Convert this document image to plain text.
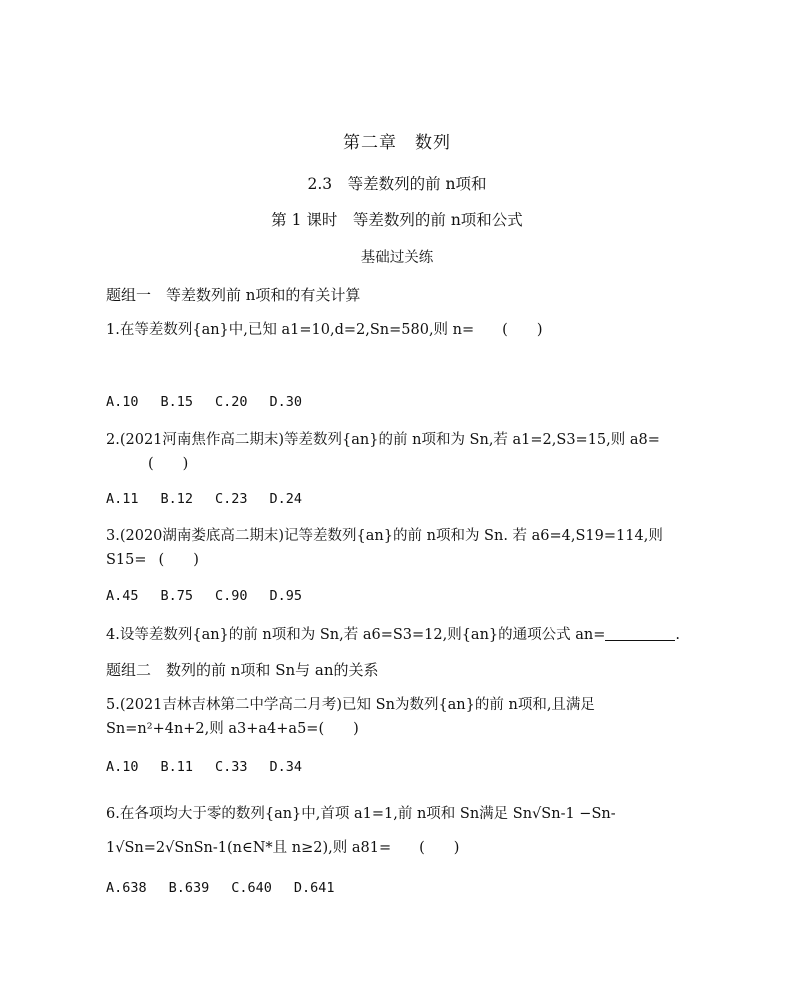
第二章　数列
2.3　等差数列的前 n项和
第 1 课时　等差数列的前 n项和公式
基础过关练
题组一　等差数列前 n项和的有关计算
1.在等差数列{an}中,已知 a1=10,d=2,Sn=580,则 n= (　　)
A.10 B.15 C.20 D.30
2.(2021河南焦作高二期末)等差数列{an}的前 n项和为 Sn,若 a1=2,S3=15,则 a8=
(　　)
A.11 B.12 C.23 D.24
3.(2020湖南娄底高二期末)记等差数列{an}的前 n项和为 Sn. 若 a6=4,S19=114,则 S15= (　　)
A.45 B.75 C.90 D.95
4.设等差数列{an}的前 n项和为 Sn,若 a6=S3=12,则{an}的通项公式 an=	.
题组二　数列的前 n项和 Sn与 an的关系
5.(2021吉林吉林第二中学高二月考)已知 Sn为数列{an}的前 n项和,且满足 Sn=n²+4n+2,则 a3+a4+a5=(　　)
A.10 B.11 C.33 D.34
6.在各项均大于零的数列{an}中,首项 a1=1,前 n项和 Sn满足 Sn√Sn-1 −Sn-1√Sn=2√SnSn-1(n∈N*且 n≥2),则 a81= (　　)
A.638 B.639 C.640 D.641
